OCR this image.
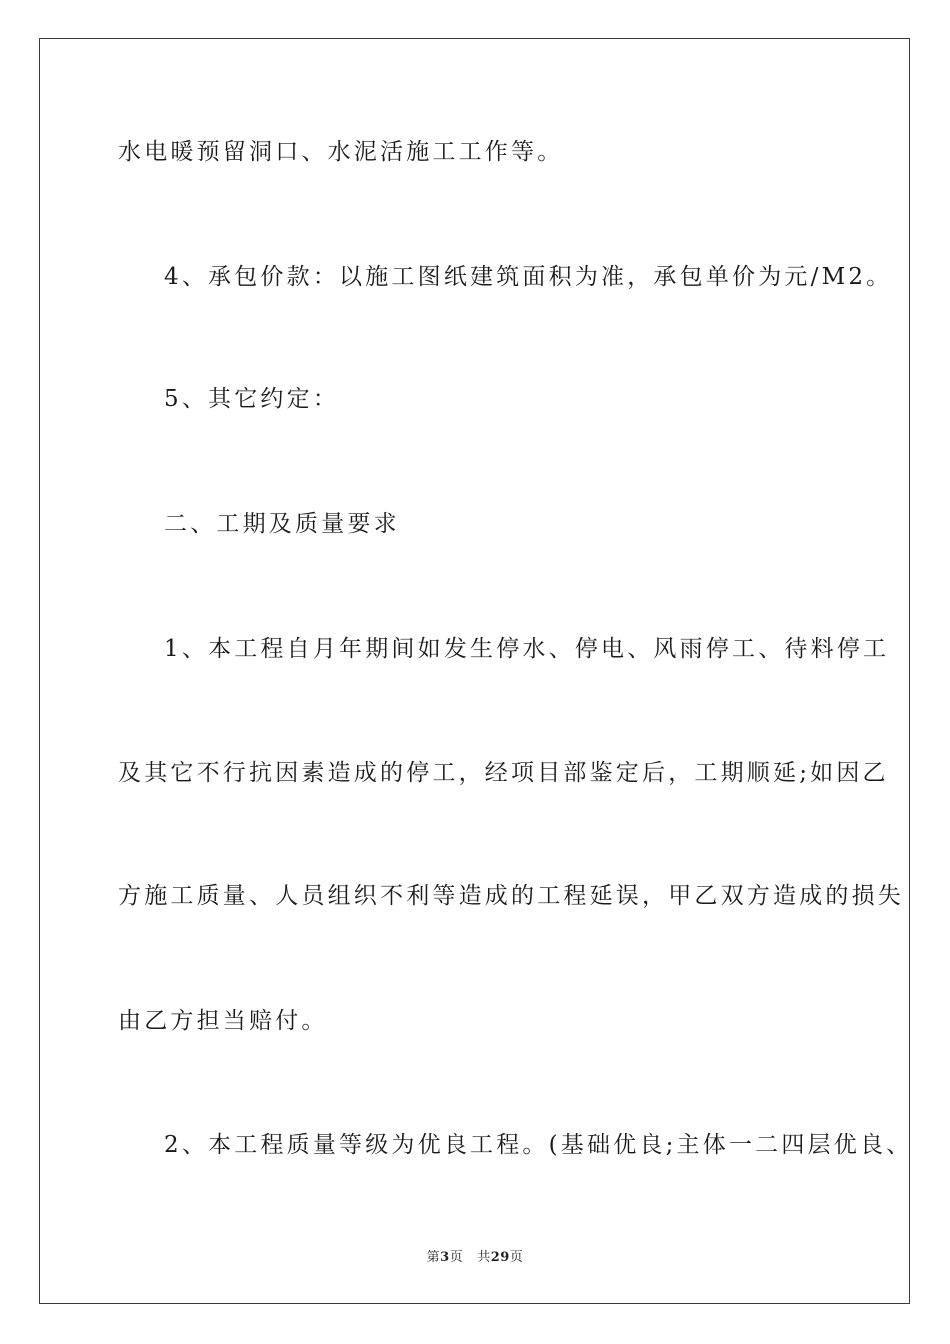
水电暖预留洞口、水泥活施工工作等。
4、承包价款：以施工图纸建筑面积为准，承包单价为元/M2。
5、其它约定：
二、工期及质量要求
1、本工程自月年期间如发生停水、停电、风雨停工、待料停工
及其它不行抗因素造成的停工，经项目部鉴定后，工期顺延;如因乙
方施工质量、人员组织不利等造成的工程延误，甲乙双方造成的损失
由乙方担当赔付。
2、本工程质量等级为优良工程。(基础优良;主体一二四层优良、
第3页 共29页
